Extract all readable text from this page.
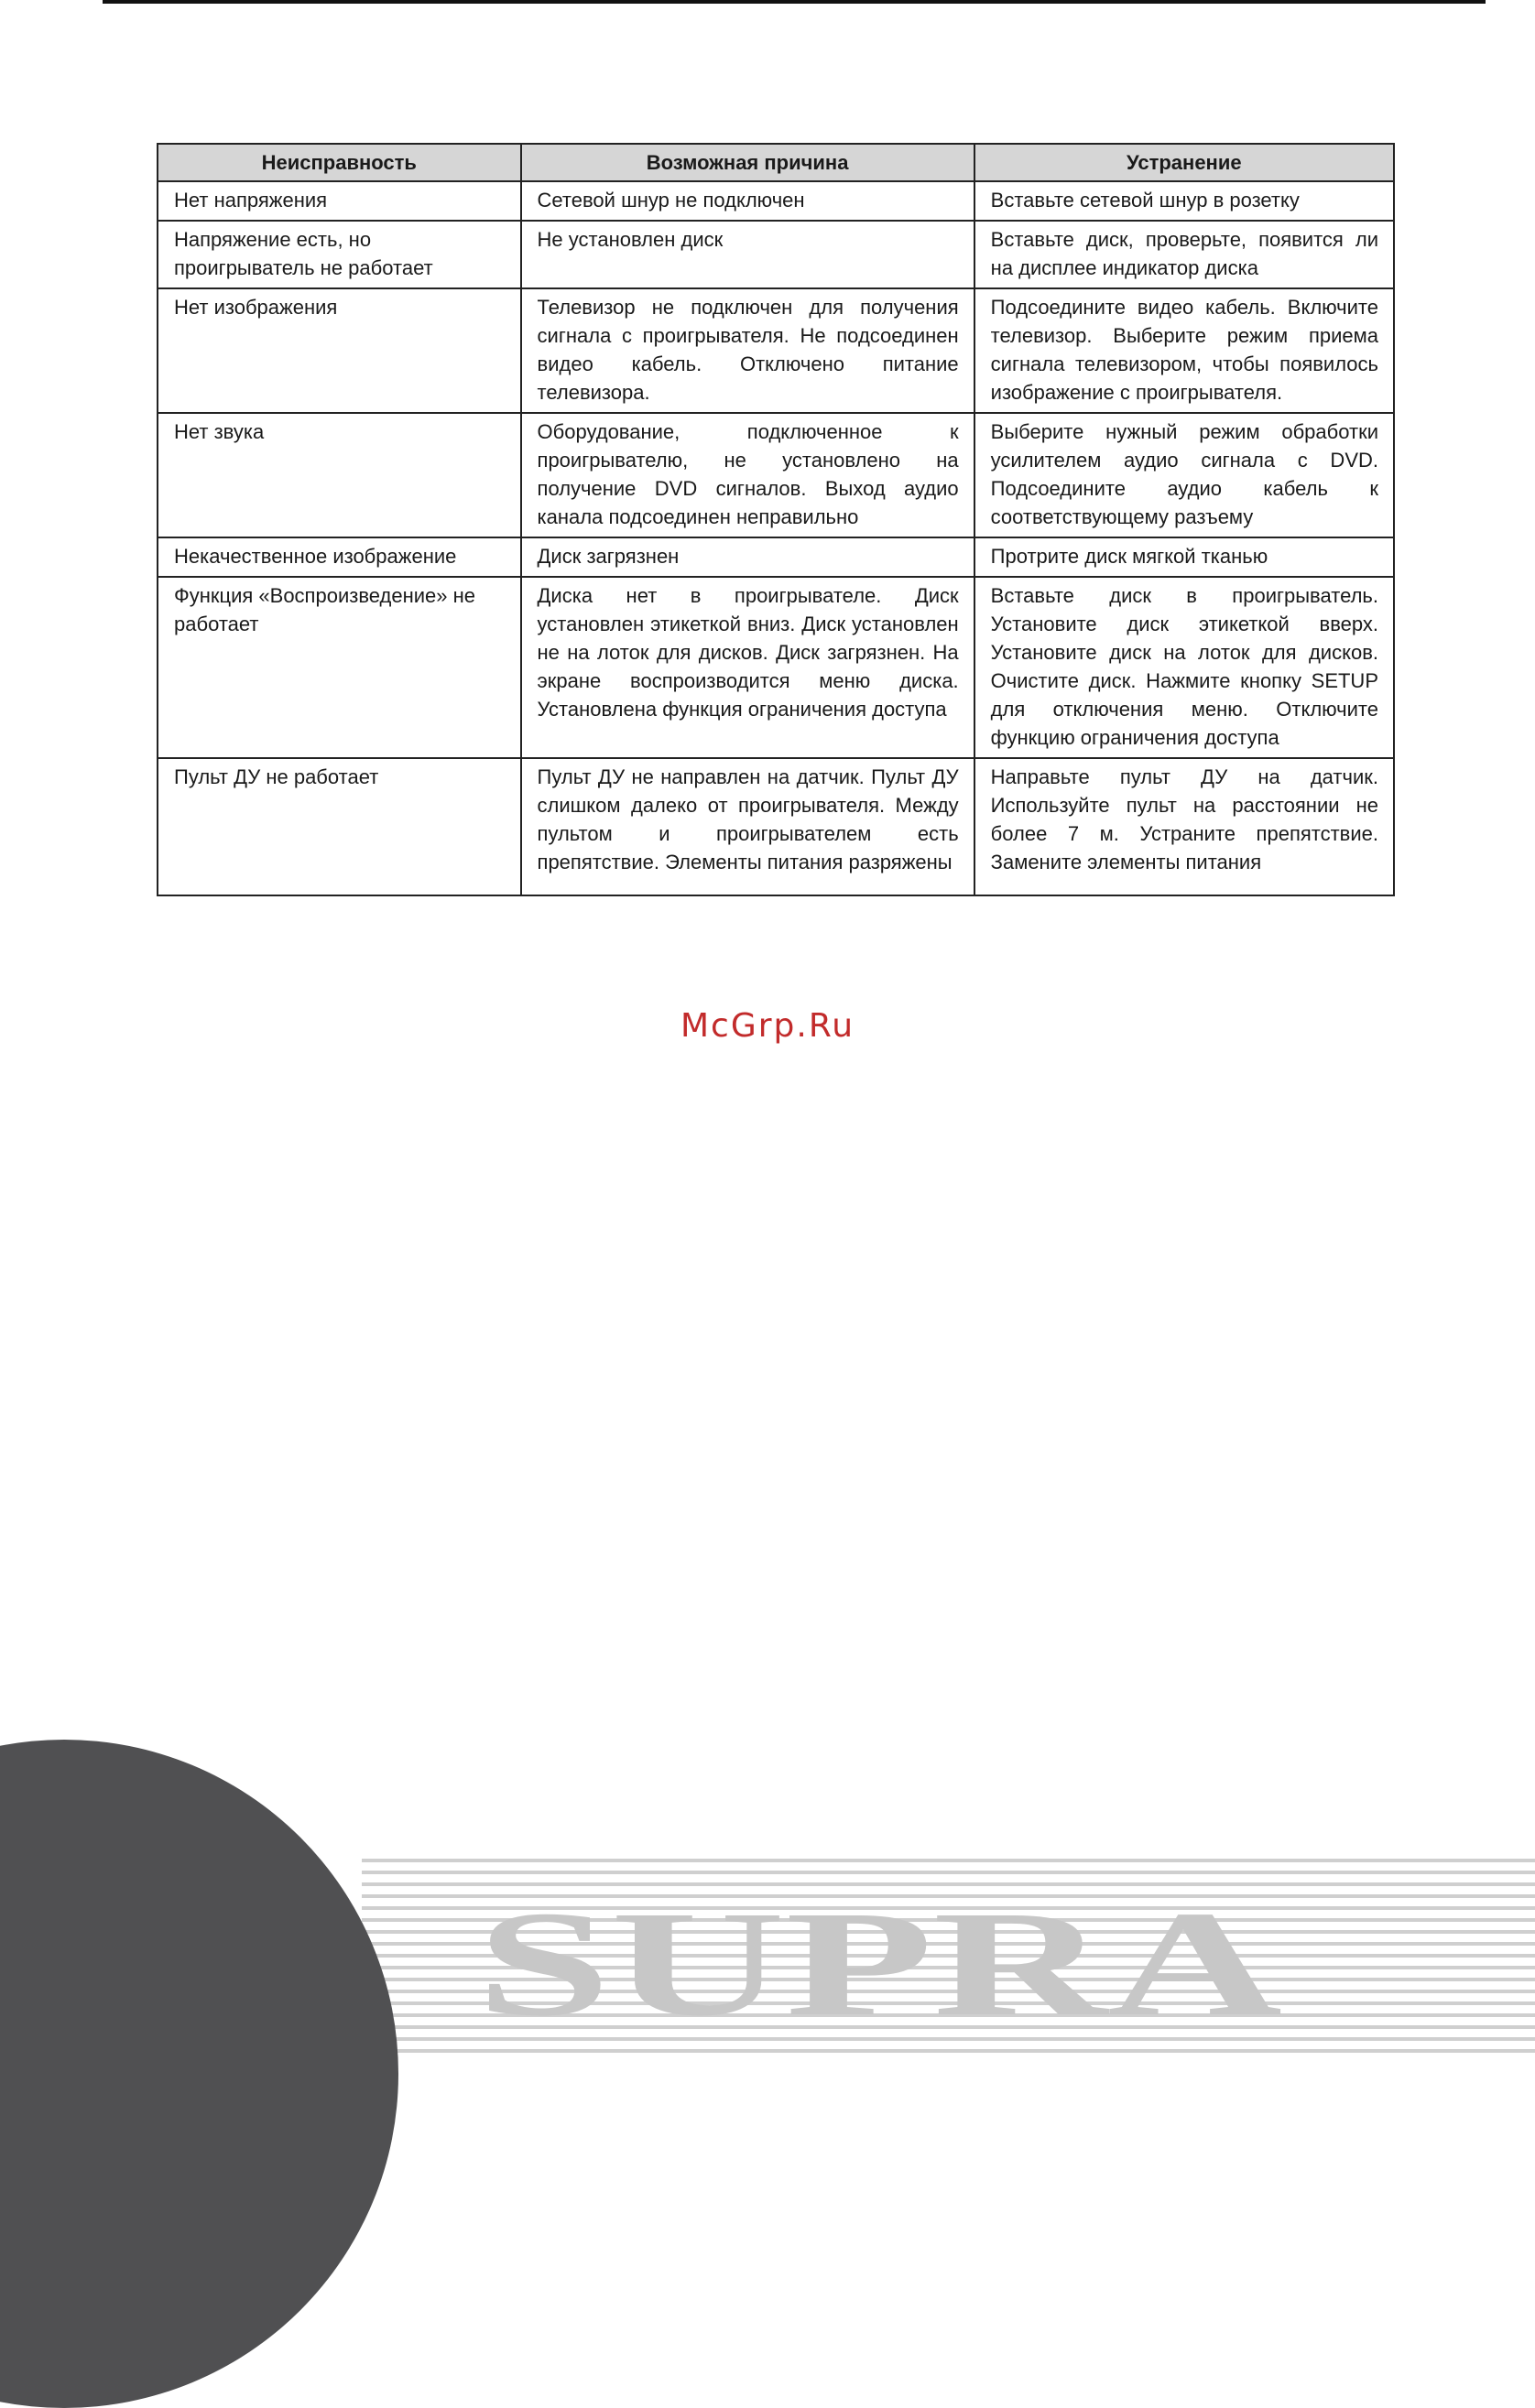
Неисправность	Возможная причина	Устранение
Нет напряжения	Сетевой шнур не подключен	Вставьте сетевой шнур в розетку
Напряжение есть, но проигрыватель не работает	Не установлен диск	Вставьте диск, проверьте, появится ли на дисплее индикатор диска
Нет изображения	Телевизор не подключен для получения сигнала с проигрывателя. Не подсоединен видео кабель. Отключено питание телевизора.	Подсоедините видео кабель. Включите телевизор. Выберите режим приема сигнала телевизором, чтобы появилось изображение с проигрывателя.
Нет звука	Оборудование, подключенное к проигрывателю, не установлено на получение DVD сигналов. Выход аудио канала подсоединен неправильно	Выберите нужный режим обработки усилителем аудио сигнала с DVD. Подсоедините аудио кабель к соответствующему разъему
Некачественное изображение	Диск загрязнен	Протрите диск мягкой тканью
Функция «Воспроизведение» не работает	Диска нет в проигрывателе. Диск установлен этикеткой вниз. Диск установлен не на лоток для дисков. Диск загрязнен. На экране воспроизводится меню диска. Установлена функция ограничения доступа	Вставьте диск в проигрыватель. Установите диск этикеткой вверх. Установите диск на лоток для дисков. Очистите диск. Нажмите кнопку SETUP для отключения меню. Отключите функцию ограничения доступа
Пульт ДУ не работает	Пульт ДУ не направлен на датчик. Пульт ДУ слишком далеко от проигрывателя. Между пультом и проигрывателем есть препятствие. Элементы питания разряжены	Направьте пульт ДУ на датчик. Используйте пульт на расстоянии не более 7 м. Устраните препятствие. Замените элементы питания
McGrp.Ru
SUPRA
